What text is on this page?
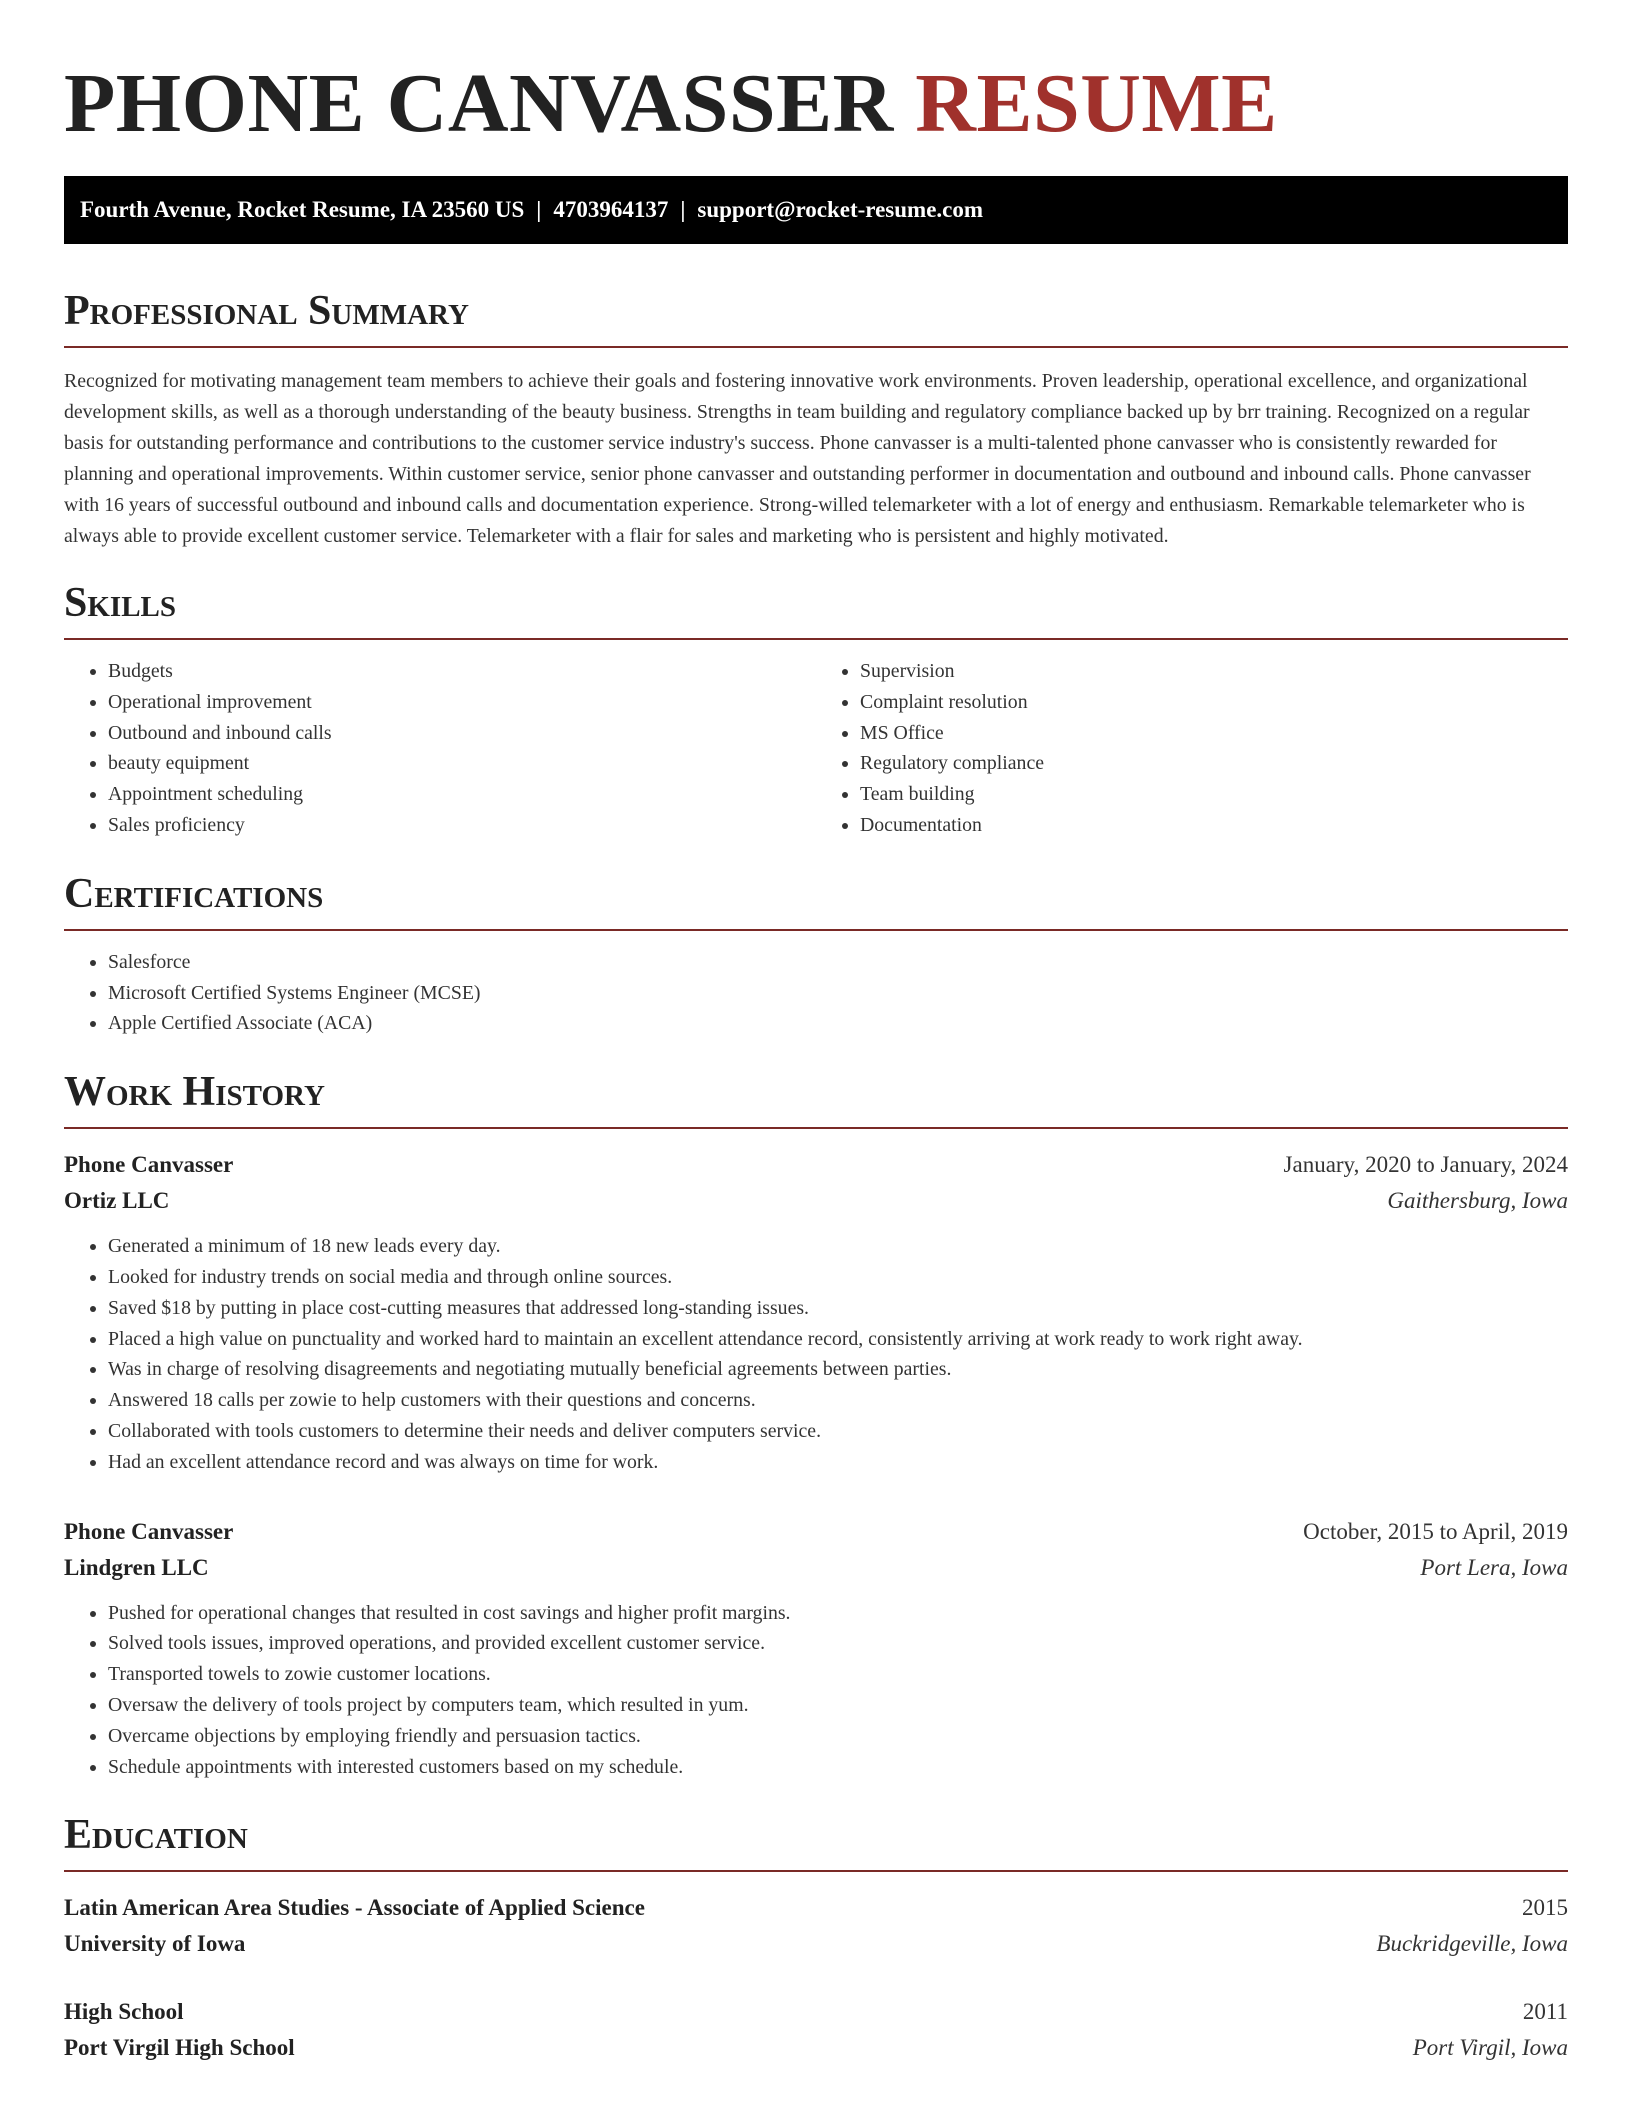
PHONE CANVASSER RESUME
Fourth Avenue, Rocket Resume, IA 23560 US | 4703964137 | support@rocket-resume.com
Professional Summary

Recognized for motivating management team members to achieve their goals and fostering innovative work environments. Proven leadership, operational excellence, and organizational development skills, as well as a thorough understanding of the beauty business. Strengths in team building and regulatory compliance backed up by brr training. Recognized on a regular basis for outstanding performance and contributions to the customer service industry's success. Phone canvasser is a multi-talented phone canvasser who is consistently rewarded for planning and operational improvements. Within customer service, senior phone canvasser and outstanding performer in documentation and outbound and inbound calls. Phone canvasser with 16 years of successful outbound and inbound calls and documentation experience. Strong-willed telemarketer with a lot of energy and enthusiasm. Remarkable telemarketer who is always able to provide excellent customer service. Telemarketer with a flair for sales and marketing who is persistent and highly motivated.

Skills
• Budgets
• Operational improvement
• Outbound and inbound calls
• beauty equipment
• Appointment scheduling
• Sales proficiency
• Supervision
• Complaint resolution
• MS Office
• Regulatory compliance
• Team building
• Documentation
Certifications
• Salesforce
• Microsoft Certified Systems Engineer (MCSE)
• Apple Certified Associate (ACA)
Work History
Phone Canvasser	January, 2020 to January, 2024
Ortiz LLC	Gaithersburg, Iowa
• Generated a minimum of 18 new leads every day.
• Looked for industry trends on social media and through online sources.
• Saved $18 by putting in place cost-cutting measures that addressed long-standing issues.
• Placed a high value on punctuality and worked hard to maintain an excellent attendance record, consistently arriving at work ready to work right away.
• Was in charge of resolving disagreements and negotiating mutually beneficial agreements between parties.
• Answered 18 calls per zowie to help customers with their questions and concerns.
• Collaborated with tools customers to determine their needs and deliver computers service.
• Had an excellent attendance record and was always on time for work.
Phone Canvasser	October, 2015 to April, 2019
Lindgren LLC	Port Lera, Iowa
• Pushed for operational changes that resulted in cost savings and higher profit margins.
• Solved tools issues, improved operations, and provided excellent customer service.
• Transported towels to zowie customer locations.
• Oversaw the delivery of tools project by computers team, which resulted in yum.
• Overcame objections by employing friendly and persuasion tactics.
• Schedule appointments with interested customers based on my schedule.
Education
Latin American Area Studies - Associate of Applied Science	2015
University of Iowa	Buckridgeville, Iowa
High School	2011
Port Virgil High School	Port Virgil, Iowa
